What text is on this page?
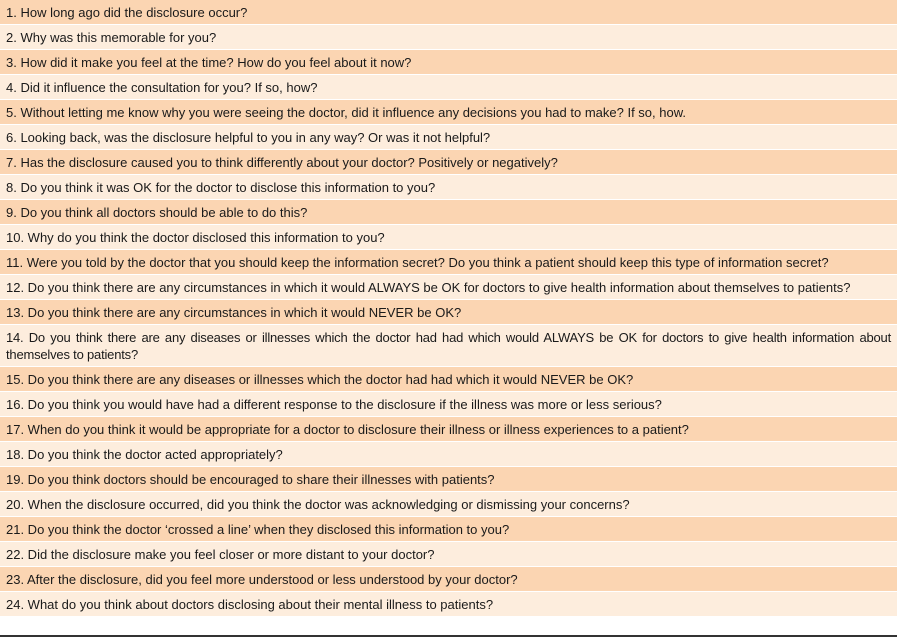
1. How long ago did the disclosure occur?
2. Why was this memorable for you?
3. How did it make you feel at the time? How do you feel about it now?
4. Did it influence the consultation for you? If so, how?
5. Without letting me know why you were seeing the doctor, did it influence any decisions you had to make? If so, how.
6. Looking back, was the disclosure helpful to you in any way? Or was it not helpful?
7. Has the disclosure caused you to think differently about your doctor? Positively or negatively?
8. Do you think it was OK for the doctor to disclose this information to you?
9. Do you think all doctors should be able to do this?
10. Why do you think the doctor disclosed this information to you?
11. Were you told by the doctor that you should keep the information secret? Do you think a patient should keep this type of information secret?
12. Do you think there are any circumstances in which it would ALWAYS be OK for doctors to give health information about themselves to patients?
13. Do you think there are any circumstances in which it would NEVER be OK?
14. Do you think there are any diseases or illnesses which the doctor had had which would ALWAYS be OK for doctors to give health information about themselves to patients?
15. Do you think there are any diseases or illnesses which the doctor had had which it would NEVER be OK?
16. Do you think you would have had a different response to the disclosure if the illness was more or less serious?
17. When do you think it would be appropriate for a doctor to disclosure their illness or illness experiences to a patient?
18. Do you think the doctor acted appropriately?
19. Do you think doctors should be encouraged to share their illnesses with patients?
20. When the disclosure occurred, did you think the doctor was acknowledging or dismissing your concerns?
21. Do you think the doctor ‘crossed a line’ when they disclosed this information to you?
22. Did the disclosure make you feel closer or more distant to your doctor?
23. After the disclosure, did you feel more understood or less understood by your doctor?
24. What do you think about doctors disclosing about their mental illness to patients?
